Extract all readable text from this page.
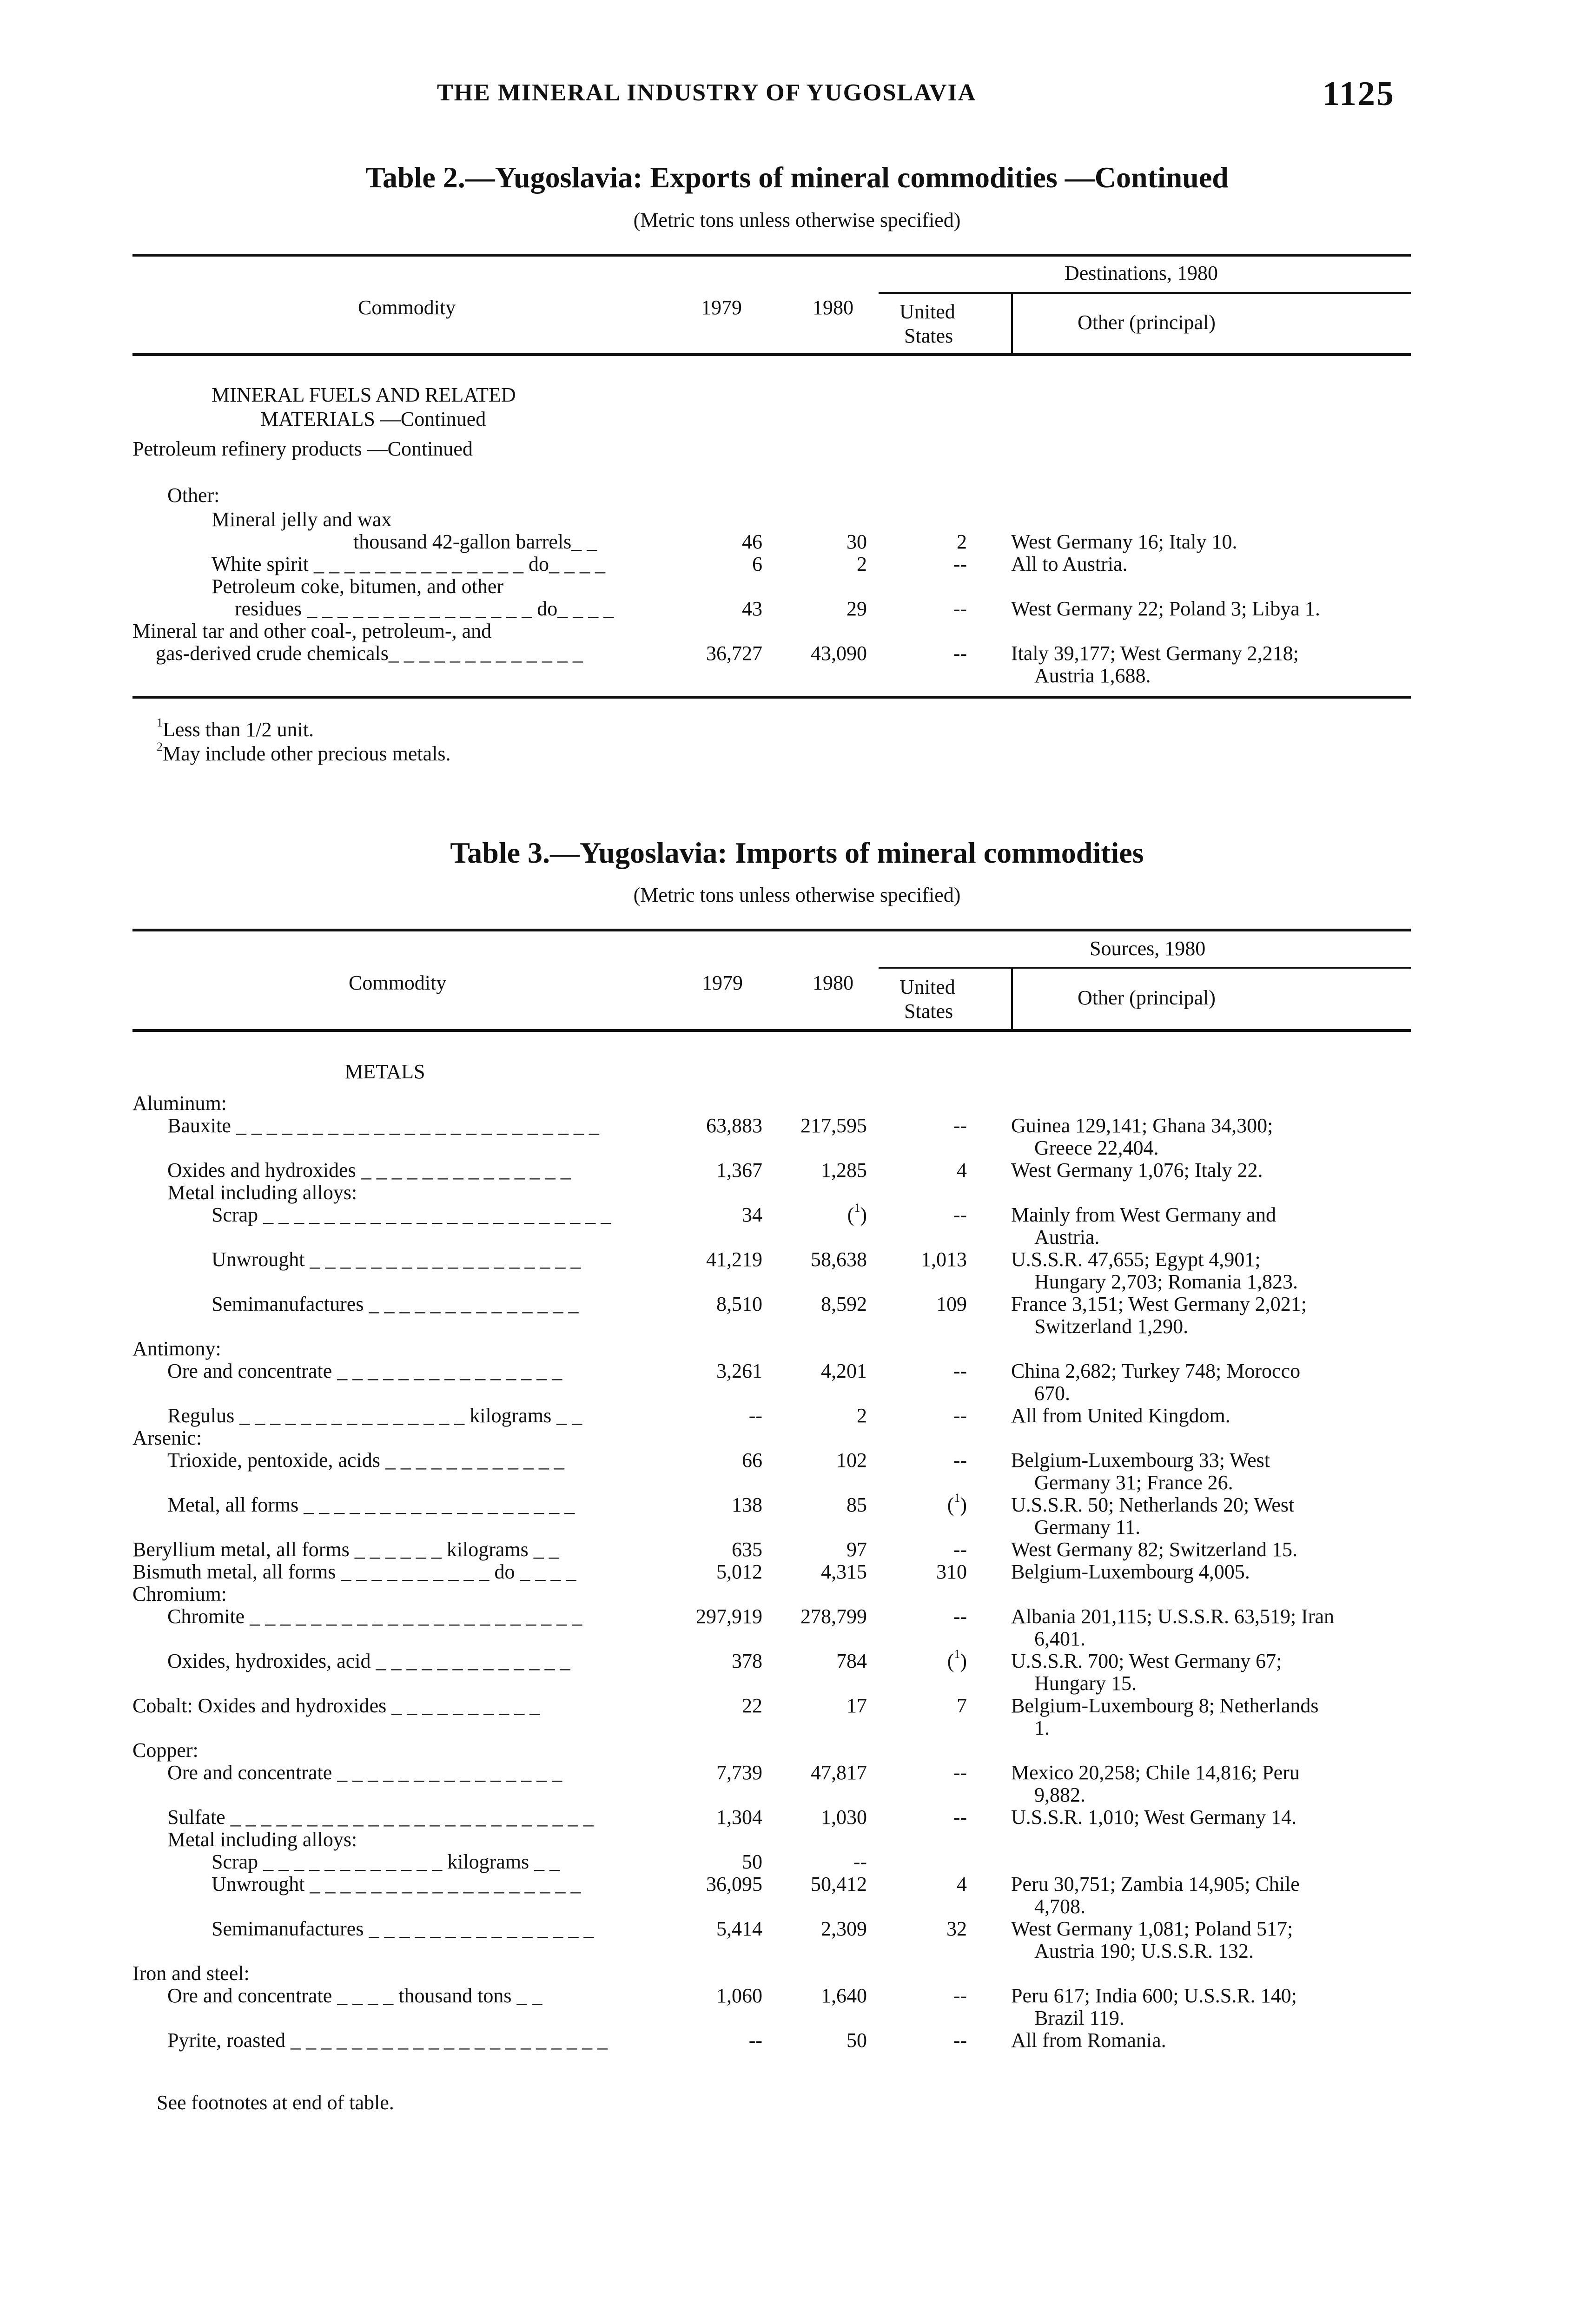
THE MINERAL INDUSTRY OF YUGOSLAVIA	1125
Table 2.—Yugoslavia: Exports of mineral commodities —Continued
(Metric tons unless otherwise specified)
Destinations, 1980
Commodity	1979	1980 United
States
Other (principal)
MINERAL FUELS AND RELATED
MATERIALS —Continued
Petroleum refinery products —Continued
Other:
Mineral jelly and wax
thousand 42-gallon barrels_ _	46	30	2 West Germany 16; Italy 10.
White spirit _ _ _ _ _ _ _ _ _ _ _ _ _ _ do_ _ _ _	6	2	-- All to Austria.
Petroleum coke, bitumen, and other
residues _ _ _ _ _ _ _ _ _ _ _ _ _ _ _ do_ _ _ _	43	29	-- West Germany 22; Poland 3; Libya 1.
Mineral tar and other coal-, petroleum-, and
gas-derived crude chemicals_ _ _ _ _ _ _ _ _ _ _ _ _	36,727	43,090	-- Italy 39,177; West Germany 2,218;
Austria 1,688.
$^1$Less than 1/2 unit.
$^2$May include other precious metals.
Table 3.—Yugoslavia: Imports of mineral commodities
(Metric tons unless otherwise specified)
Sources, 1980
Commodity	1979	1980 United
States
Other (principal)
METALS
Aluminum:
Bauxite _ _ _ _ _ _ _ _ _ _ _ _ _ _ _ _ _ _ _ _ _ _ _ _	63,883	217,595	-- Guinea 129,141; Ghana 34,300;
Greece 22,404.
Oxides and hydroxides _ _ _ _ _ _ _ _ _ _ _ _ _ _	1,367	1,285	4 West Germany 1,076; Italy 22.
Metal including alloys:
Scrap _ _ _ _ _ _ _ _ _ _ _ _ _ _ _ _ _ _ _ _ _ _ _	34	($^1$)	-- Mainly from West Germany and
Austria.
Unwrought _ _ _ _ _ _ _ _ _ _ _ _ _ _ _ _ _ _	41,219	58,638	1,013 U.S.S.R. 47,655; Egypt 4,901;
Hungary 2,703; Romania 1,823.
Semimanufactures _ _ _ _ _ _ _ _ _ _ _ _ _ _	8,510	8,592	109 France 3,151; West Germany 2,021;
Switzerland 1,290.
Antimony:
Ore and concentrate _ _ _ _ _ _ _ _ _ _ _ _ _ _ _	3,261	4,201	-- China 2,682; Turkey 748; Morocco
670.
Regulus _ _ _ _ _ _ _ _ _ _ _ _ _ _ _ kilograms _ _	--	2	-- All from United Kingdom.
Arsenic:
Trioxide, pentoxide, acids _ _ _ _ _ _ _ _ _ _ _ _	66	102	-- Belgium-Luxembourg 33; West
Germany 31; France 26.
Metal, all forms _ _ _ _ _ _ _ _ _ _ _ _ _ _ _ _ _ _	138	85	($^1$) U.S.S.R. 50; Netherlands 20; West
Germany 11.
Beryllium metal, all forms _ _ _ _ _ _ kilograms _ _	635	97	-- West Germany 82; Switzerland 15.
Bismuth metal, all forms _ _ _ _ _ _ _ _ _ _ do _ _ _ _	5,012	4,315	310 Belgium-Luxembourg 4,005.
Chromium:
Chromite _ _ _ _ _ _ _ _ _ _ _ _ _ _ _ _ _ _ _ _ _ _	297,919	278,799	-- Albania 201,115; U.S.S.R. 63,519; Iran
6,401.
Oxides, hydroxides, acid _ _ _ _ _ _ _ _ _ _ _ _ _	378	784	($^1$) U.S.S.R. 700; West Germany 67;
Hungary 15.
Cobalt: Oxides and hydroxides _ _ _ _ _ _ _ _ _ _	22	17	7 Belgium-Luxembourg 8; Netherlands
1.
Copper:
Ore and concentrate _ _ _ _ _ _ _ _ _ _ _ _ _ _ _	7,739	47,817	-- Mexico 20,258; Chile 14,816; Peru
9,882.
Sulfate _ _ _ _ _ _ _ _ _ _ _ _ _ _ _ _ _ _ _ _ _ _ _ _	1,304	1,030	-- U.S.S.R. 1,010; West Germany 14.
Metal including alloys:
Scrap _ _ _ _ _ _ _ _ _ _ _ _ kilograms _ _	50	--
Unwrought _ _ _ _ _ _ _ _ _ _ _ _ _ _ _ _ _ _	36,095	50,412	4 Peru 30,751; Zambia 14,905; Chile
4,708.
Semimanufactures _ _ _ _ _ _ _ _ _ _ _ _ _ _ _	5,414	2,309	32 West Germany 1,081; Poland 517;
Austria 190; U.S.S.R. 132.
Iron and steel:
Ore and concentrate _ _ _ _ thousand tons _ _	1,060	1,640	-- Peru 617; India 600; U.S.S.R. 140;
Brazil 119.
Pyrite, roasted _ _ _ _ _ _ _ _ _ _ _ _ _ _ _ _ _ _ _ _ _	--	50	-- All from Romania.
See footnotes at end of table.
